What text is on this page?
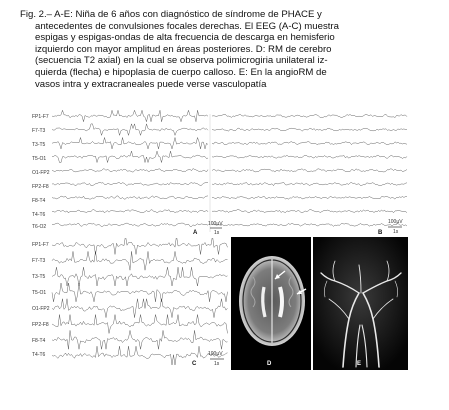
Fig. 2.– A-E: Niña de 6 años con diagnóstico de síndrome de PHACE y
antecedentes de convulsiones focales derechas. El EEG (A-C) muestra
espigas y espigas-ondas de alta frecuencia de descarga en hemisferio
izquierdo con mayor amplitud en áreas posteriores. D: RM de cerebro
(secuencia T2 axial) en la cual se observa polimicrogiria unilateral iz-
quierda (flecha) e hipoplasia de cuerpo calloso. E: En la angioRM de
vasos intra y extracraneales puede verse vasculopatía
FP1-F7
F7-T3
T3-T5
T5-O1
O1-FP2
FP2-F8
F8-T4
T4-T6
T6-O2
A
100µV
1s	B
100µV
1s
FP1-F7
F7-T3
T3-T5
T5-O1
O1-FP2
FP2-F8
F8-T4
T4-T6
C
100µV
1s	D	E
